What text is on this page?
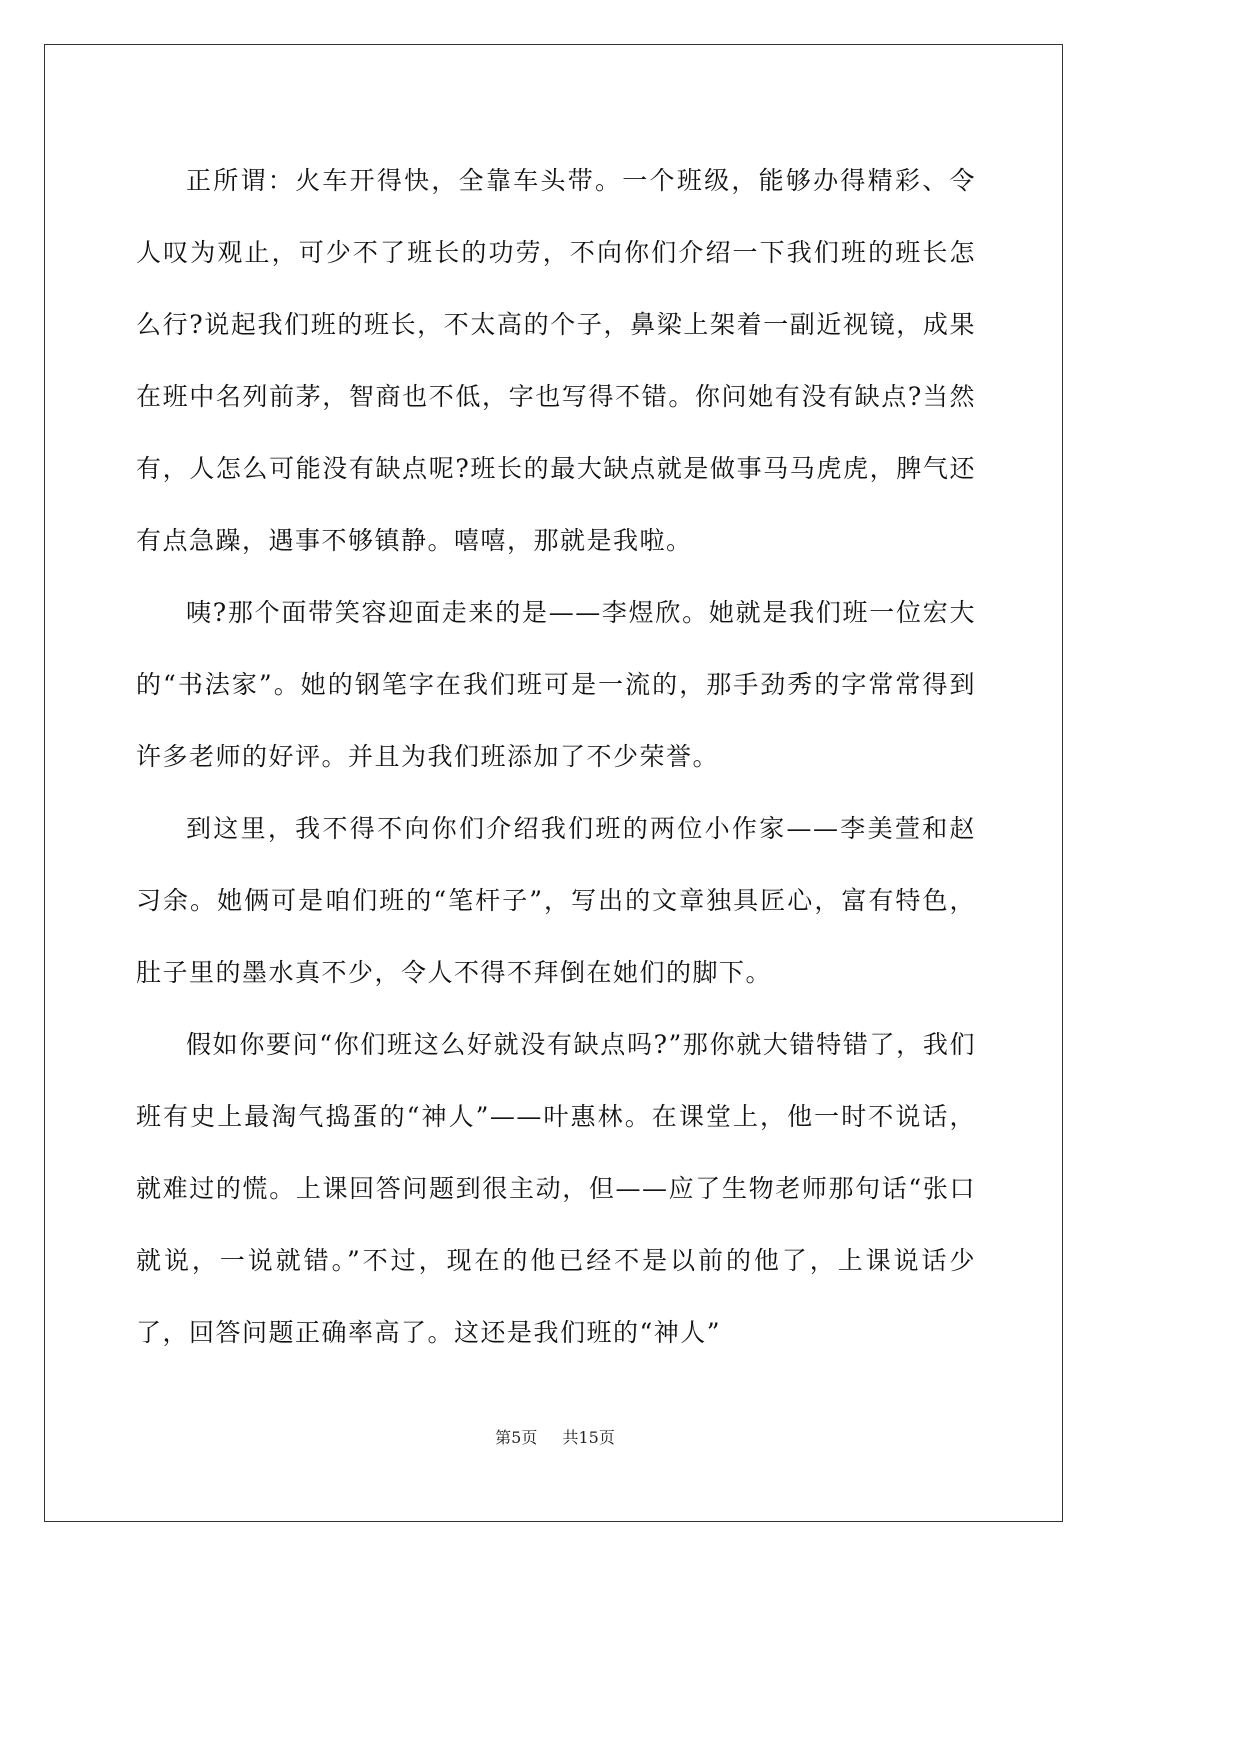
正所谓：火车开得快，全靠车头带。一个班级，能够办得精彩、令人叹为观止，可少不了班长的功劳，不向你们介绍一下我们班的班长怎么行?说起我们班的班长，不太高的个子，鼻梁上架着一副近视镜，成果在班中名列前茅，智商也不低，字也写得不错。你问她有没有缺点?当然有，人怎么可能没有缺点呢?班长的最大缺点就是做事马马虎虎，脾气还有点急躁，遇事不够镇静。嘻嘻，那就是我啦。

咦?那个面带笑容迎面走来的是——李煜欣。她就是我们班一位宏大的“书法家”。她的钢笔字在我们班可是一流的，那手劲秀的字常常得到许多老师的好评。并且为我们班添加了不少荣誉。

到这里，我不得不向你们介绍我们班的两位小作家——李美萱和赵习余。她俩可是咱们班的“笔杆子”，写出的文章独具匠心，富有特色，肚子里的墨水真不少，令人不得不拜倒在她们的脚下。

假如你要问“你们班这么好就没有缺点吗?”那你就大错特错了，我们班有史上最淘气捣蛋的“神人”——叶惠林。在课堂上，他一时不说话，就难过的慌。上课回答问题到很主动，但——应了生物老师那句话“张口就说，一说就错。”不过，现在的他已经不是以前的他了，上课说话少了，回答问题正确率高了。这还是我们班的“神人”

第5页 共15页
